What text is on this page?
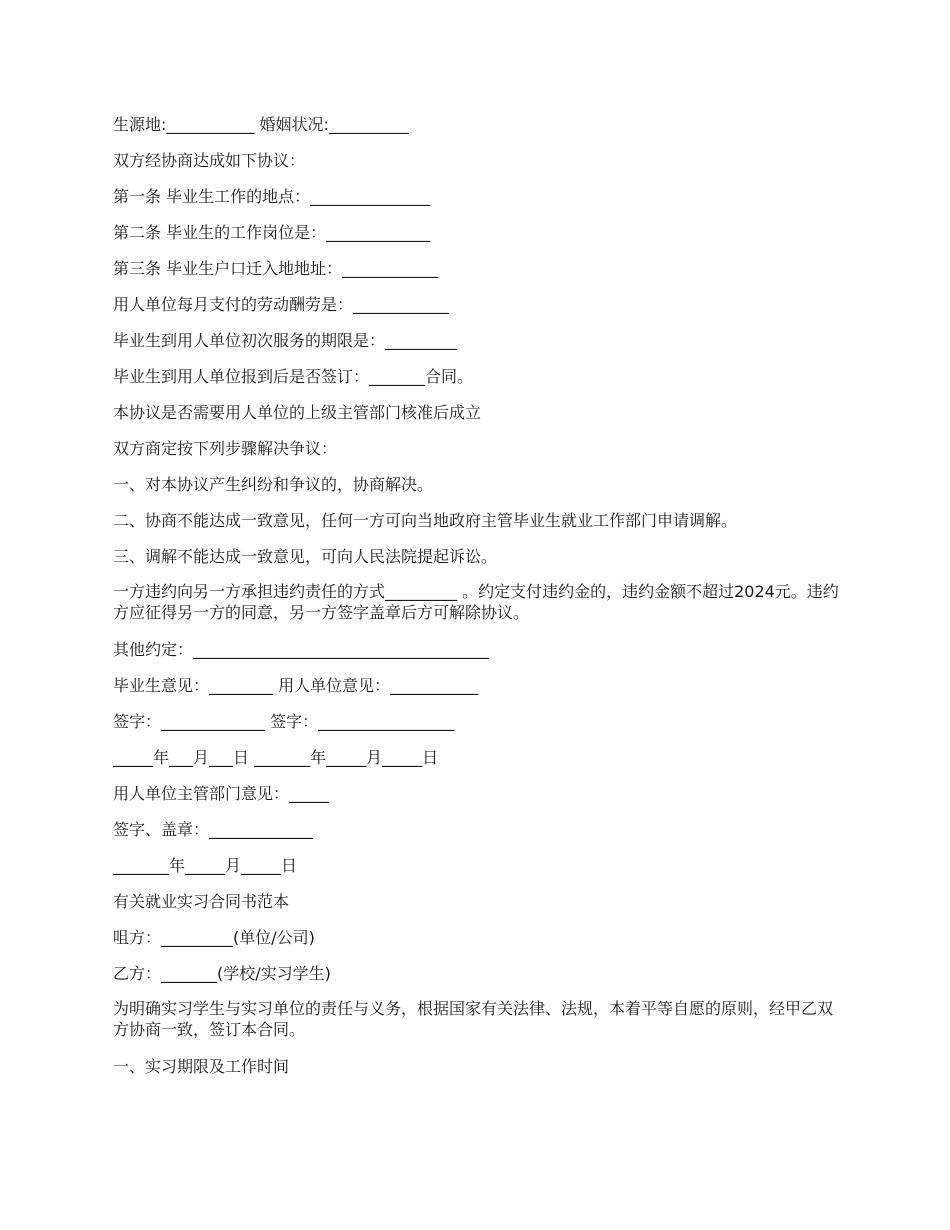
生源地:___________ 婚姻状况:__________
双方经协商达成如下协议：
第一条 毕业生工作的地点：_______________
第二条 毕业生的工作岗位是：_____________
第三条 毕业生户口迁入地地址：____________
用人单位每月支付的劳动酬劳是：____________
毕业生到用人单位初次服务的期限是：_________
毕业生到用人单位报到后是否签订：_______合同。
本协议是否需要用人单位的上级主管部门核准后成立
双方商定按下列步骤解决争议：
一、对本协议产生纠纷和争议的，协商解决。
二、协商不能达成一致意见，任何一方可向当地政府主管毕业生就业工作部门申请调解。
三、调解不能达成一致意见，可向人民法院提起诉讼。
一方违约向另一方承担违约责任的方式_________ 。约定支付违约金的，违约金额不超过2024元。违约方应征得另一方的同意，另一方签字盖章后方可解除协议。
其他约定：_____________________________________
毕业生意见：________ 用人单位意见：___________
签字：_____________ 签字：_________________
_____年___月___日 _______年_____月_____日
用人单位主管部门意见：_____
签字、盖章：_____________
_______年_____月_____日
有关就业实习合同书范本
咀方：_________(单位/公司)
乙方：_______(学校/实习学生)
为明确实习学生与实习单位的责任与义务，根据国家有关法律、法规，本着平等自愿的原则，经甲乙双方协商一致，签订本合同。
一、实习期限及工作时间
